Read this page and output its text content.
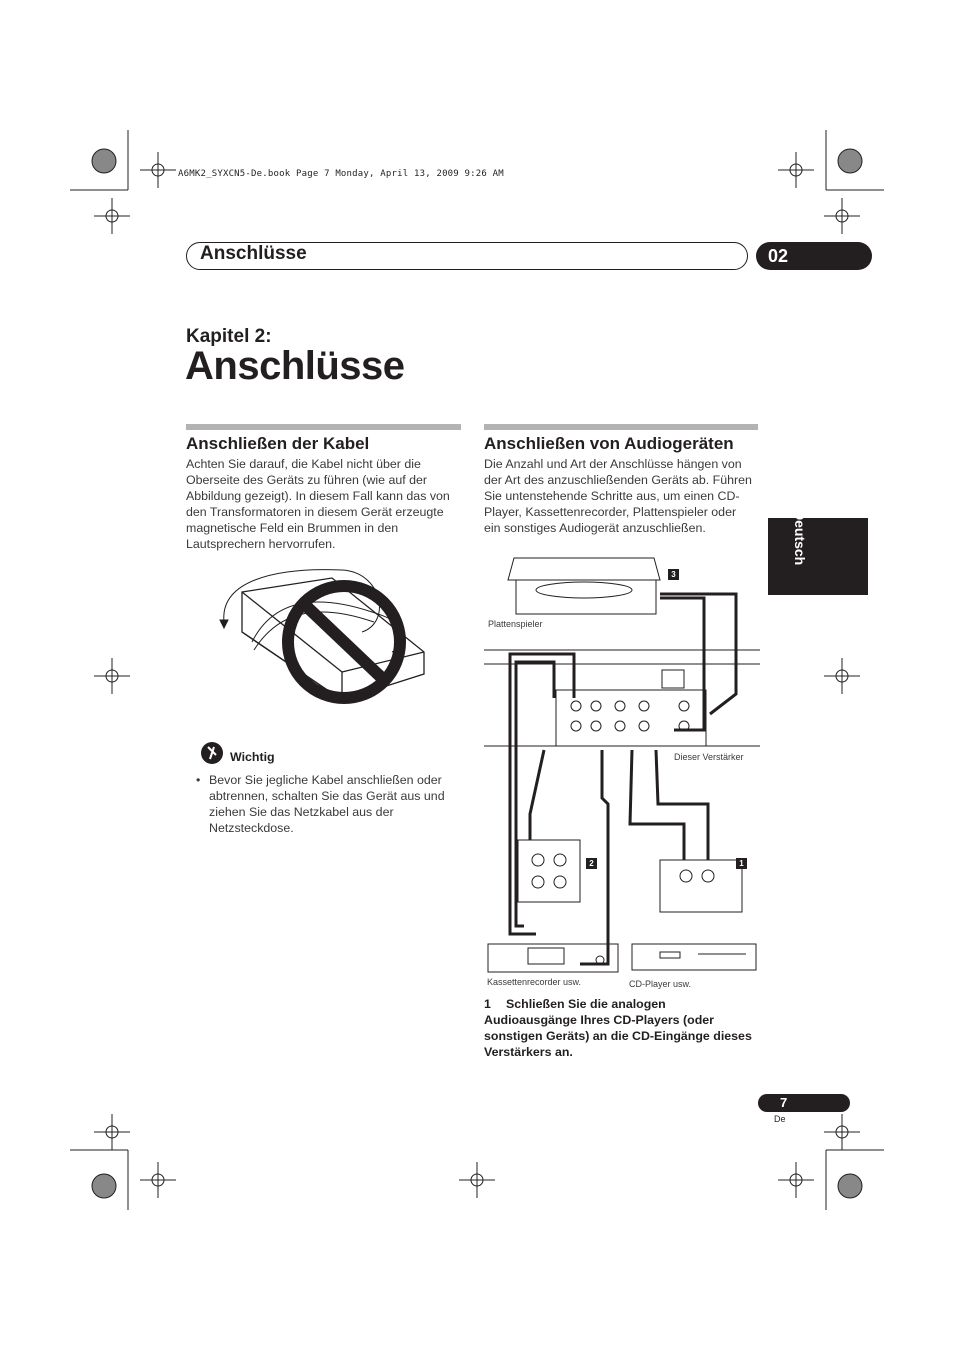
A6MK2_SYXCN5-De.book Page 7 Monday, April 13, 2009 9:26 AM
Anschlüsse	02
Kapitel 2:
Anschlüsse
Deutsch
Anschließen der Kabel
Achten Sie darauf, die Kabel nicht über die Oberseite des Geräts zu führen (wie auf der Abbildung gezeigt). In diesem Fall kann das von den Transformatoren in diesem Gerät erzeugte magnetische Feld ein Brummen in den Lautsprechern hervorrufen.
Wichtig
• Bevor Sie jegliche Kabel anschließen oder abtrennen, schalten Sie das Gerät aus und ziehen Sie das Netzkabel aus der Netzsteckdose.
Anschließen von Audiogeräten
Die Anzahl und Art der Anschlüsse hängen von der Art des anzuschließenden Geräts ab. Führen Sie untenstehende Schritte aus, um einen CD-Player, Kassettenrecorder, Plattenspieler oder ein sonstiges Audiogerät anzuschließen.
3
2	1
Plattenspieler
Dieser Verstärker
Kassettenrecorder usw.	CD-Player usw.
1	Schließen Sie die analogen Audioausgänge Ihres CD-Players (oder sonstigen Geräts) an die CD-Eingänge dieses Verstärkers an.
7
De
